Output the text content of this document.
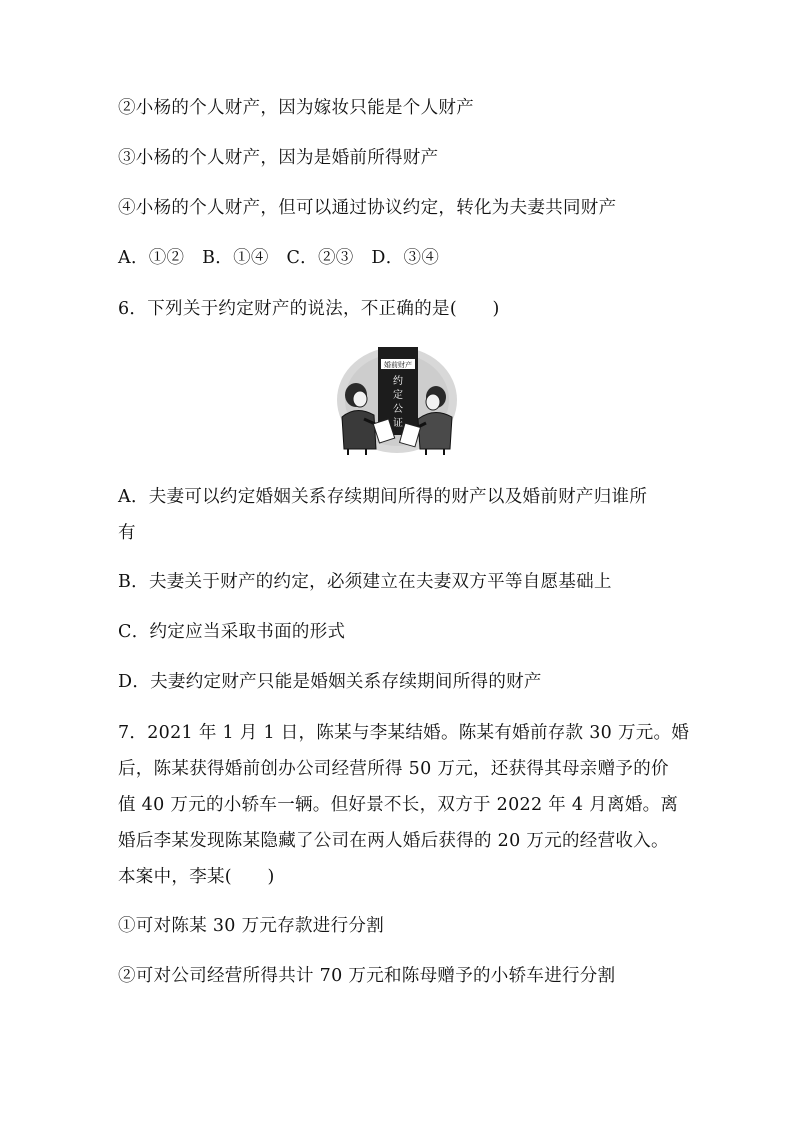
②小杨的个人财产，因为嫁妆只能是个人财产
③小杨的个人财产，因为是婚前所得财产
④小杨的个人财产，但可以通过协议约定，转化为夫妻共同财产
A．①②　B．①④　C．②③　D．③④
6．下列关于约定财产的说法，不正确的是(　　)
婚前财产
约
定
公
证
A．夫妻可以约定婚姻关系存续期间所得的财产以及婚前财产归谁所
有
B．夫妻关于财产的约定，必须建立在夫妻双方平等自愿基础上
C．约定应当采取书面的形式
D．夫妻约定财产只能是婚姻关系存续期间所得的财产
7．2021 年 1 月 1 日，陈某与李某结婚。陈某有婚前存款 30 万元。婚
后，陈某获得婚前创办公司经营所得 50 万元，还获得其母亲赠予的价
值 40 万元的小轿车一辆。但好景不长，双方于 2022 年 4 月离婚。离
婚后李某发现陈某隐藏了公司在两人婚后获得的 20 万元的经营收入。
本案中，李某(　　)
①可对陈某 30 万元存款进行分割
②可对公司经营所得共计 70 万元和陈母赠予的小轿车进行分割
